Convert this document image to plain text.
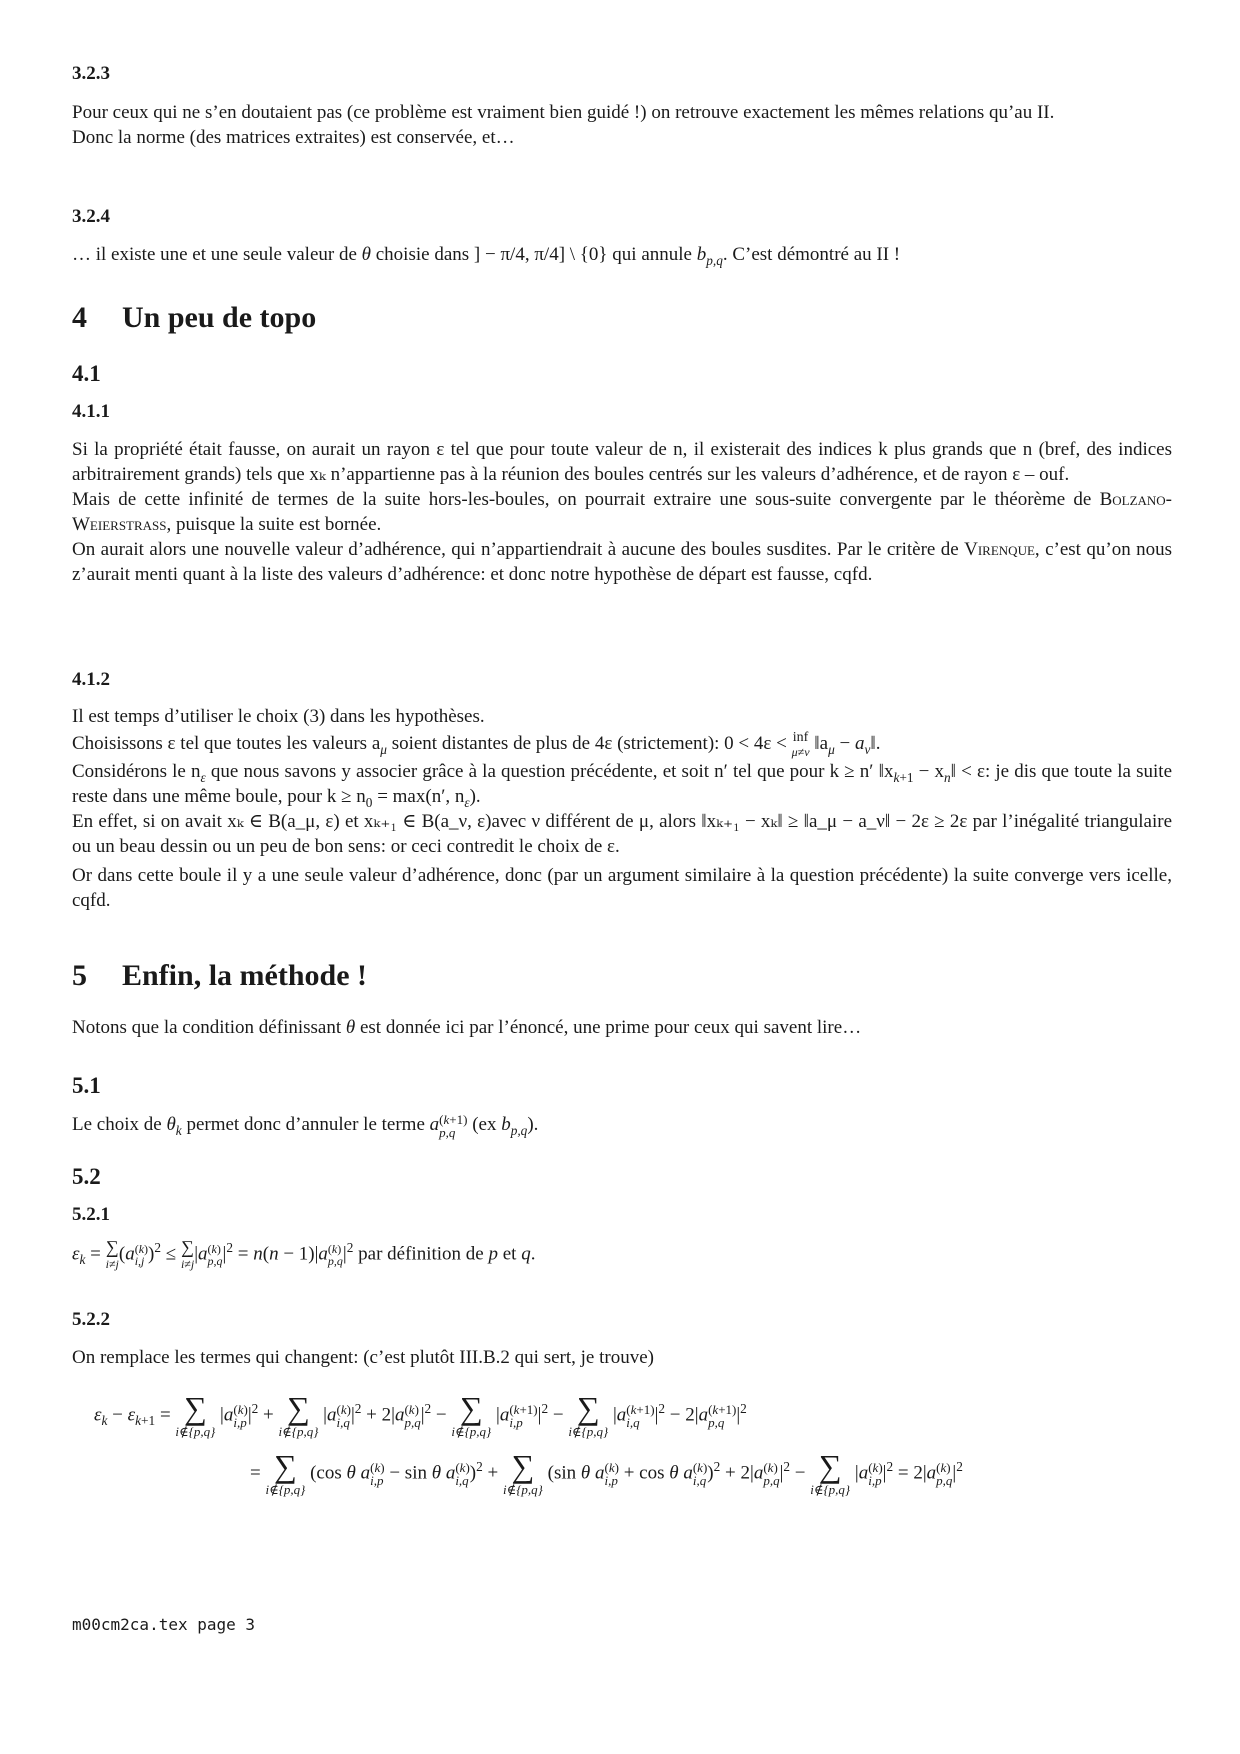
3.2.3

Pour ceux qui ne s’en doutaient pas (ce problème est vraiment bien guidé !) on retrouve exactement les mêmes relations qu’au II.

Donc la norme (des matrices extraites) est conservée, et…

3.2.4

… il existe une et une seule valeur de θ choisie dans ] − π/4, π/4] \ {0} qui annule $b_{p,q}$. C’est démontré au II !

4 Un peu de topo
4.1
4.1.1

Si la propriété était fausse, on aurait un rayon ε tel que pour toute valeur de n, il existerait des indices k plus grands que n (bref, des indices arbitrairement grands) tels que xₖ n’appartienne pas à la réunion des boules centrés sur les valeurs d’adhérence, et de rayon ε – ouf.

Mais de cette infinité de termes de la suite hors-les-boules, on pourrait extraire une sous-suite convergente par le théorème de Bolzano-Weierstrass, puisque la suite est bornée.

On aurait alors une nouvelle valeur d’adhérence, qui n’appartiendrait à aucune des boules susdites. Par le critère de Virenque, c’est qu’on nous z’aurait menti quant à la liste des valeurs d’adhérence: et donc notre hypothèse de départ est fausse, cqfd.

4.1.2

Il est temps d’utiliser le choix (3) dans les hypothèses.

Choisissons ε tel que toutes les valeurs $a_\mu$ soient distantes de plus de 4ε (strictement): 0 < 4ε < inf
μ≠ν $‖a_\mu$ − $a_\nu‖$.

Considérons le $n_\varepsilon$ que nous savons y associer grâce à la question précédente, et soit n′ tel que pour k ≥ n′ $‖x_{k+1}$ − $x_n‖ < \varepsilon$: je dis que toute la suite reste dans une même boule, pour $k \ge n_0 = \max(n'$, $n_\varepsilon$).

En effet, si on avait xₖ ∈ B(a_μ, ε) et xₖ₊₁ ∈ B(a_ν, ε)avec ν différent de μ, alors ‖xₖ₊₁ − xₖ‖ ≥ ‖a_μ − a_ν‖ − 2ε ≥ 2ε par l’inégalité triangulaire ou un beau dessin ou un peu de bon sens: or ceci contredit le choix de ε.

Or dans cette boule il y a une seule valeur d’adhérence, donc (par un argument similaire à la question précédente) la suite converge vers icelle, cqfd.

5 Enfin, la méthode !

Notons que la condition définissant θ est donnée ici par l’énoncé, une prime pour ceux qui savent lire…

5.1

Le choix de $\theta_k$ permet donc d’annuler le terme a (k+1)
p,q (ex $b_{p,q}$).

5.2
5.2.1

$\varepsilon_k$ = ∑
i≠j (a (k)
i,j )$^2$ ≤ ∑
i≠j |a (k)
p,q $|^2 = n(n - 1)|a$ (k)
p,q $|^2$ par définition de p et q.

5.2.2

On remplace les termes qui changent: (c’est plutôt III.B.2 qui sert, je trouve)

$\varepsilon_k - \varepsilon_{k+1}$ = ∑
i∉{p,q}
|a (k)
i,p $|^2$ + ∑
i∉{p,q}
|a (k)
i,q $|^2 + 2|a$ (k)
p,q $|^2$ − ∑
i∉{p,q}
|a (k+1)
i,p $|^2$ − ∑
i∉{p,q}
|a (k+1)
i,q $|^2 - 2|a$ (k+1)
p,q $|^2$
= ∑
i∉{p,q}
(cos θ a (k)
i,p − sin θ a (k)
i,q )$^2$ + ∑
i∉{p,q}
(sin θ a (k)
i,p + cos θ a (k)
i,q )$^2$ + 2|a (k)
p,q $|^2$ − ∑
i∉{p,q}
|a (k)
i,p $|^2 = 2|a$ (k)
p,q $|^2$
m00cm2ca.tex page 3
